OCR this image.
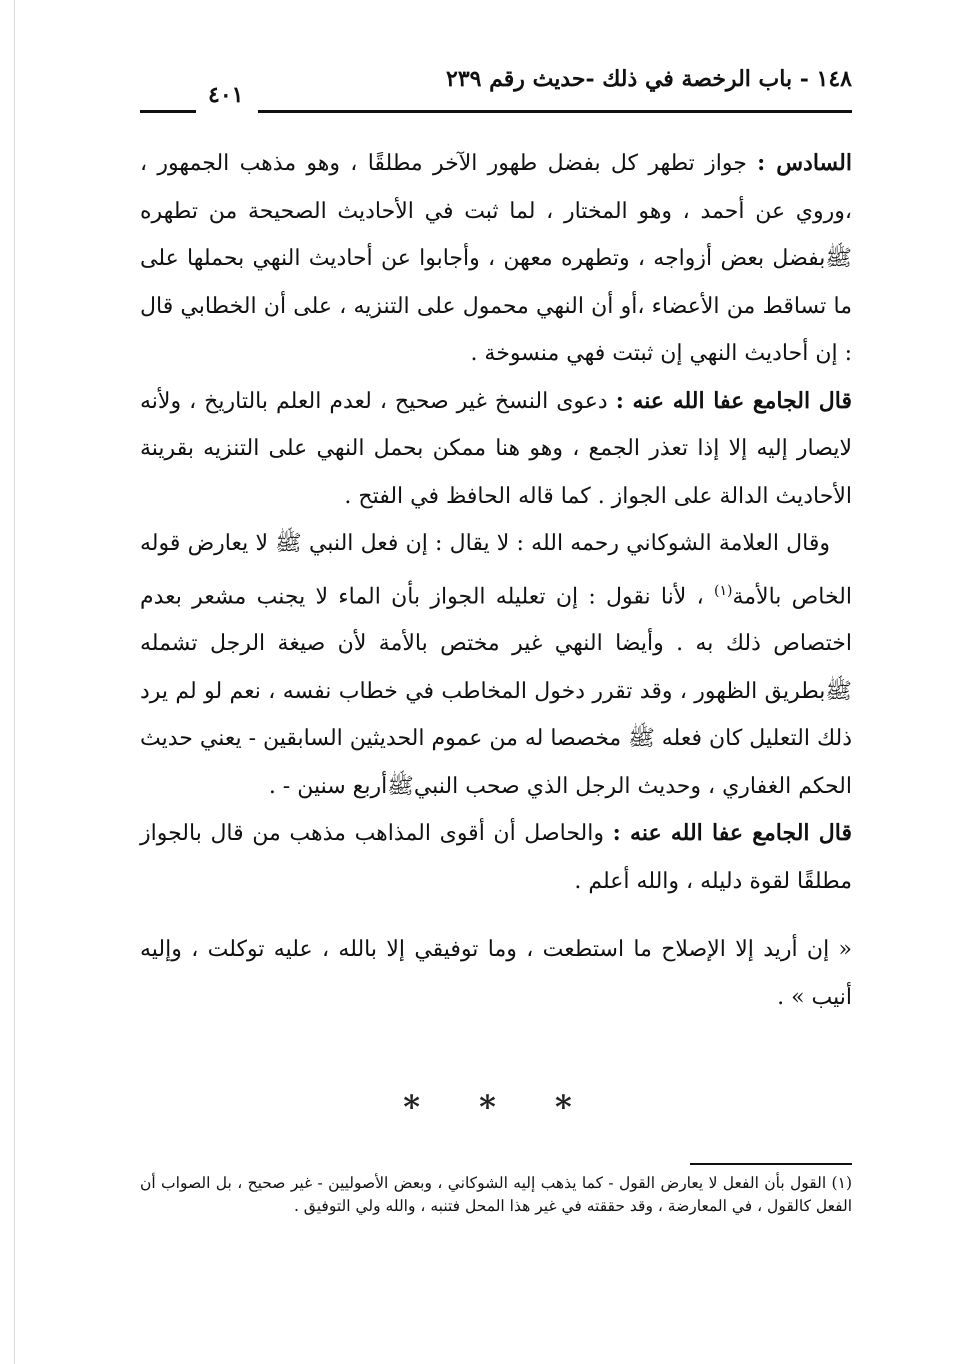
١٤٨ - باب الرخصة في ذلك -حديث رقم ٢٣٩
٤٠١

السادس : جواز تطهر كل بفضل طهور الآخر مطلقًا ، وهو مذهب الجمهور ، ،وروي عن أحمد ، وهو المختار ، لما ثبت في الأحاديث الصحيحة من تطهره ﷺبفضل بعض أزواجه ، وتطهره معهن ، وأجابوا عن أحاديث النهي بحملها على ما تساقط من الأعضاء ،أو أن النهي محمول على التنزيه ، على أن الخطابي قال : إن أحاديث النهي إن ثبتت فهي منسوخة .

قال الجامع عفا الله عنه : دعوى النسخ غير صحيح ، لعدم العلم بالتاريخ ، ولأنه لايصار إليه إلا إذا تعذر الجمع ، وهو هنا ممكن بحمل النهي على التنزيه بقرينة الأحاديث الدالة على الجواز . كما قاله الحافظ في الفتح .

وقال العلامة الشوكاني رحمه الله : لا يقال : إن فعل النبي ﷺ لا يعارض قوله الخاص بالأمة$^{(١)}$ ، لأنا نقول : إن تعليله الجواز بأن الماء لا يجنب مشعر بعدم اختصاص ذلك به . وأيضا النهي غير مختص بالأمة لأن صيغة الرجل تشمله ﷺبطريق الظهور ، وقد تقرر دخول المخاطب في خطاب نفسه ، نعم لو لم يرد ذلك التعليل كان فعله ﷺ مخصصا له من عموم الحديثين السابقين - يعني حديث الحكم الغفاري ، وحديث الرجل الذي صحب النبيﷺأربع سنين - .

قال الجامع عفا الله عنه : والحاصل أن أقوى المذاهب مذهب من قال بالجواز مطلقًا لقوة دليله ، والله أعلم .

« إن أريد إلا الإصلاح ما استطعت ، وما توفيقي إلا بالله ، عليه توكلت ، وإليه أنيب » .

* * *

(١) القول بأن الفعل لا يعارض القول - كما يذهب إليه الشوكاني ، وبعض الأصوليين - غير صحيح ، بل الصواب أن الفعل كالقول ، في المعارضة ، وقد حققته في غير هذا المحل فتنبه ، والله ولي التوفيق .
